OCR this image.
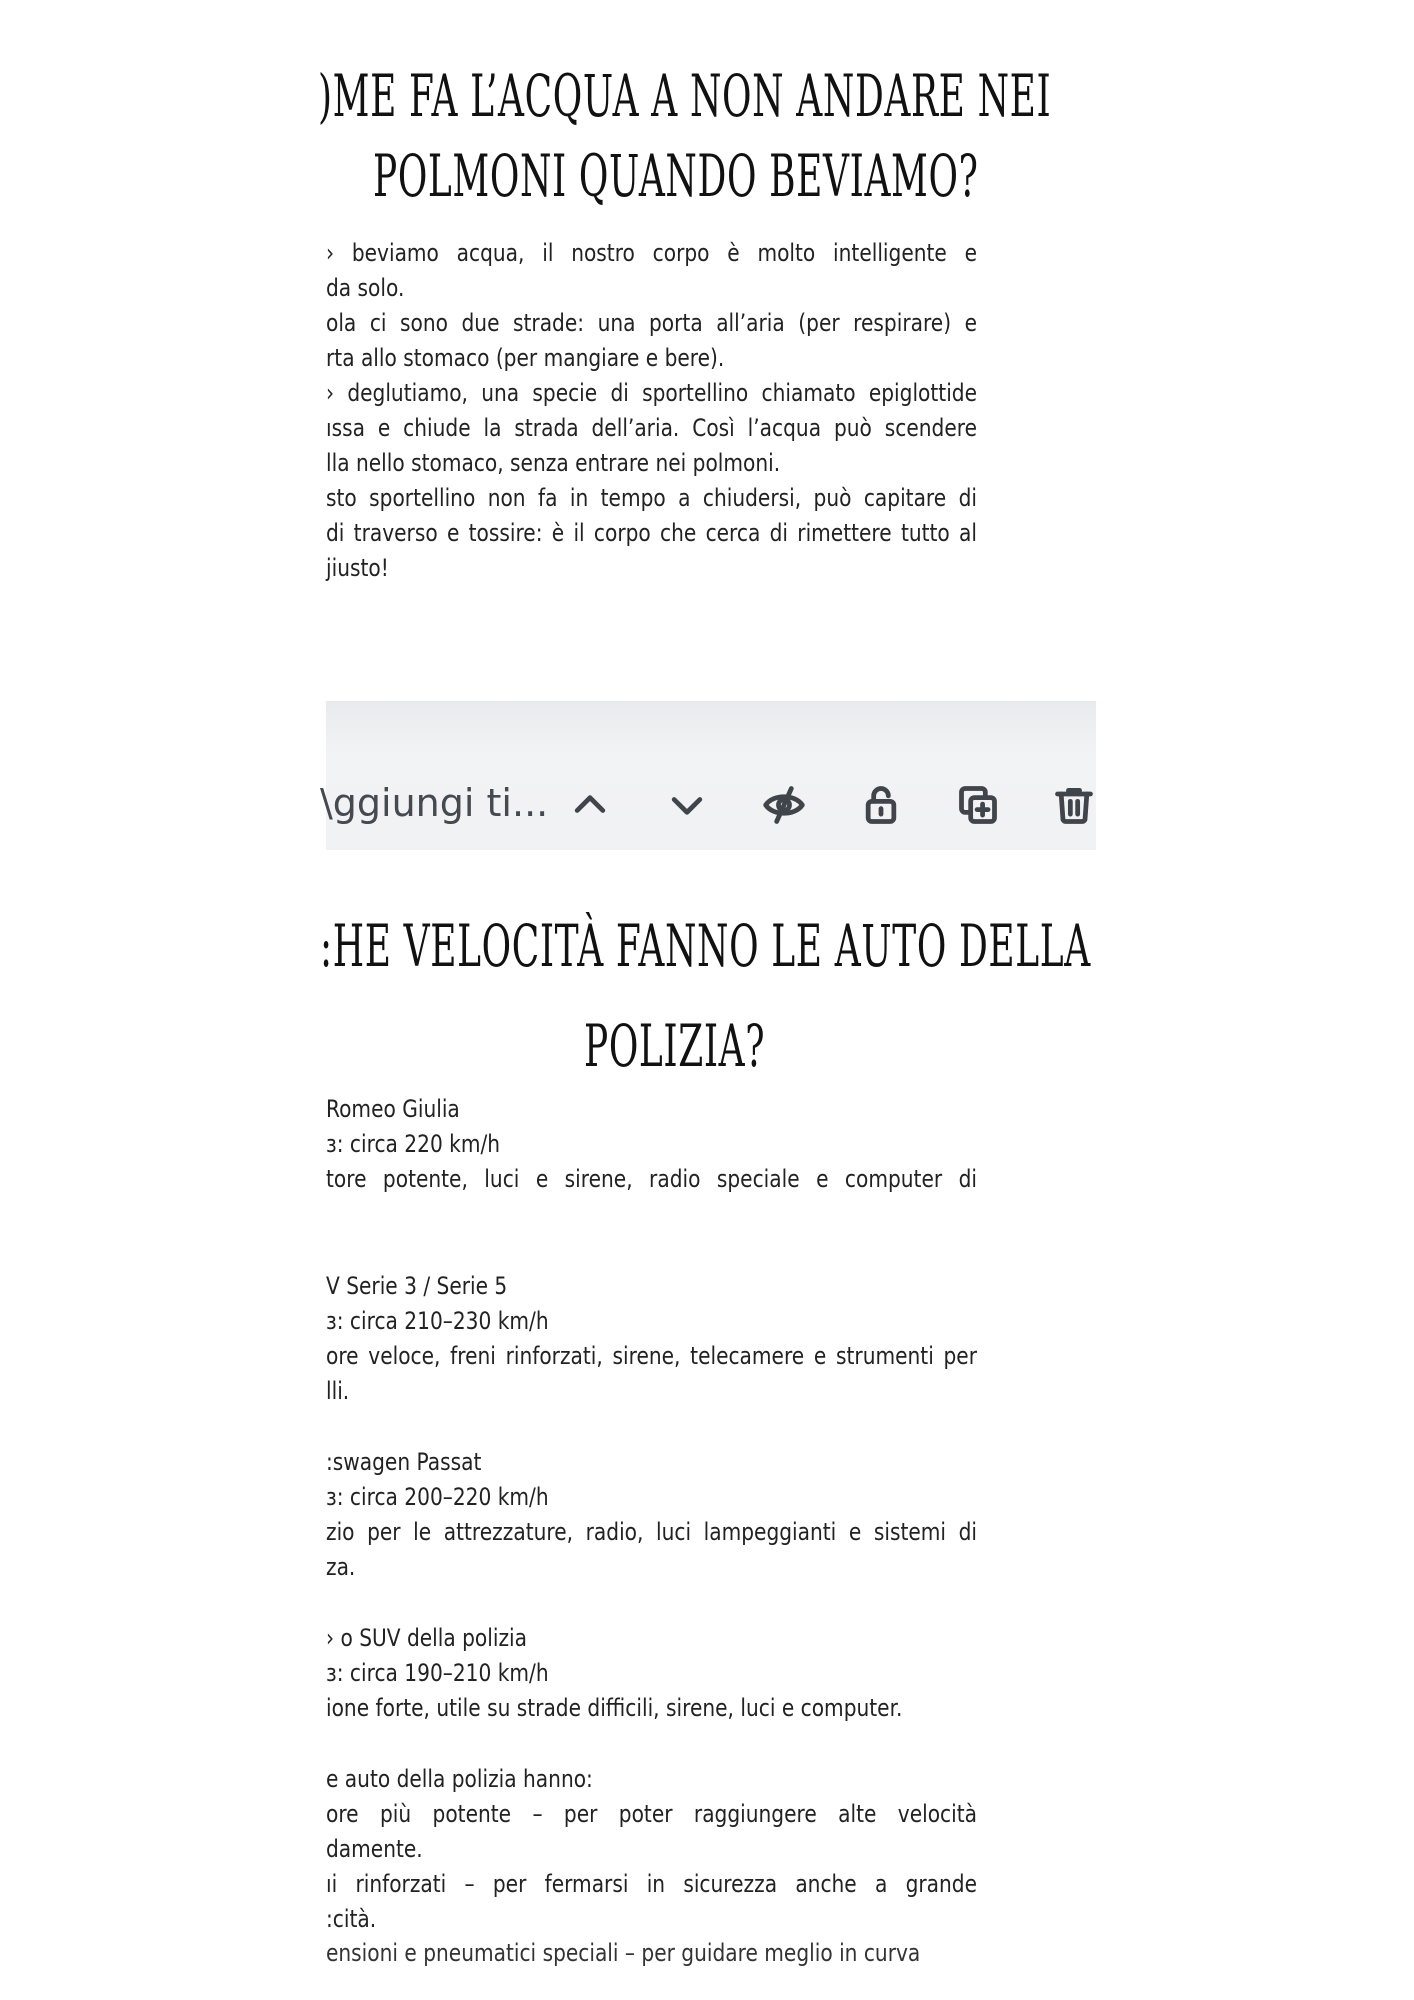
)ME FA L’ACQUA A NON ANDARE NEI
POLMONI QUANDO BEVIAMO?
› beviamo acqua, il nostro corpo è molto intelligente e
da solo.
ola ci sono due strade: una porta all’aria (per respirare) e
rta allo stomaco (per mangiare e bere).
› deglutiamo, una specie di sportellino chiamato epiglottide
ıssa e chiude la strada dell’aria. Così l’acqua può scendere
lla nello stomaco, senza entrare nei polmoni.
sto sportellino non fa in tempo a chiudersi, può capitare di
di traverso e tossire: è il corpo che cerca di rimettere tutto al
jiusto!
\ggiungi ti...
:HE VELOCITÀ FANNO LE AUTO DELLA
POLIZIA?
Romeo Giulia
ɜ: circa 220 km/h
tore potente, luci e sirene, radio speciale e computer di
V Serie 3 / Serie 5
ɜ: circa 210–230 km/h
ore veloce, freni rinforzati, sirene, telecamere e strumenti per
lli.
:swagen Passat
ɜ: circa 200–220 km/h
zio per le attrezzature, radio, luci lampeggianti e sistemi di
za.
› o SUV della polizia
ɜ: circa 190–210 km/h
ione forte, utile su strade difficili, sirene, luci e computer.
e auto della polizia hanno:
ore più potente – per poter raggiungere alte velocità
damente.
ıi rinforzati – per fermarsi in sicurezza anche a grande
:cità.
ensioni e pneumatici speciali – per guidare meglio in curva
